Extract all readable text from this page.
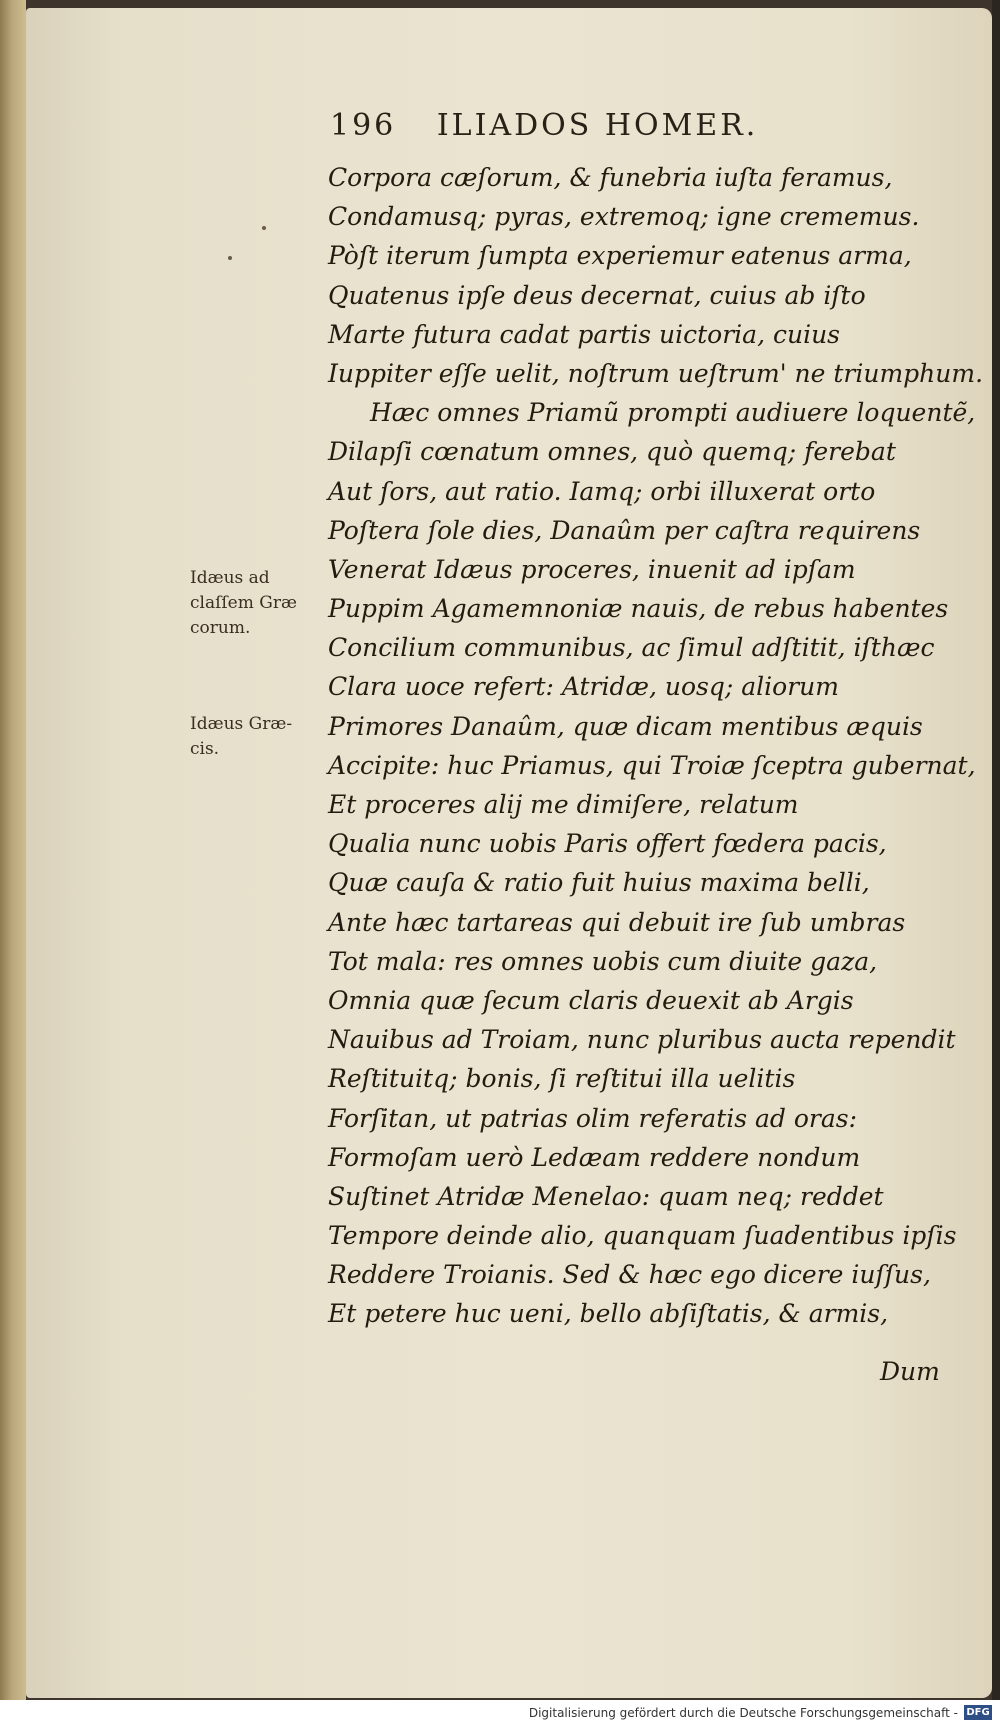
196 ILIADOS HOMER.
Corpora cæſorum, & funebria iuſta feramus,
Condamusq; pyras, extremoq; igne crememus.
Pòſt iterum ſumpta experiemur eatenus arma,
Quatenus ipſe deus decernat, cuius ab iſto
Marte futura cadat partis uictoria, cuius
Iuppiter eſſe uelit, noſtrum ueſtrum' ne triumphum.
Hæc omnes Priamũ prompti audiuere loquentẽ,
Dilapſi cœnatum omnes, quò quemq; ferebat
Aut ſors, aut ratio. Iamq; orbi illuxerat orto
Poſtera ſole dies, Danaûm per caſtra requirens
Venerat Idæus proceres, inuenit ad ipſam
Puppim Agamemnoniæ nauis, de rebus habentes
Concilium communibus, ac ſimul adſtitit, iſthæc
Clara uoce refert: Atridæ, uosq; aliorum
Primores Danaûm, quæ dicam mentibus æquis
Accipite: huc Priamus, qui Troiæ ſceptra gubernat,
Et proceres alij me dimiſere, relatum
Qualia nunc uobis Paris offert fœdera pacis,
Quæ cauſa & ratio fuit huius maxima belli,
Ante hæc tartareas qui debuit ire ſub umbras
Tot mala: res omnes uobis cum diuite gaza,
Omnia quæ ſecum claris deuexit ab Argis
Nauibus ad Troiam, nunc pluribus aucta rependit
Reſtituitq; bonis, ſi reſtitui illa uelitis
Forſitan, ut patrias olim referatis ad oras:
Formoſam uerò Ledæam reddere nondum
Suſtinet Atridæ Menelao: quam neq; reddet
Tempore deinde alio, quanquam ſuadentibus ipſis
Reddere Troianis. Sed & hæc ego dicere iuſſus,
Et petere huc ueni, bello abſiſtatis, & armis,
Dum
Idæus ad
claſſem Græ
corum.
Idæus Græ-
cis.
Digitalisierung gefördert durch die Deutsche Forschungsgemeinschaft - DFG
